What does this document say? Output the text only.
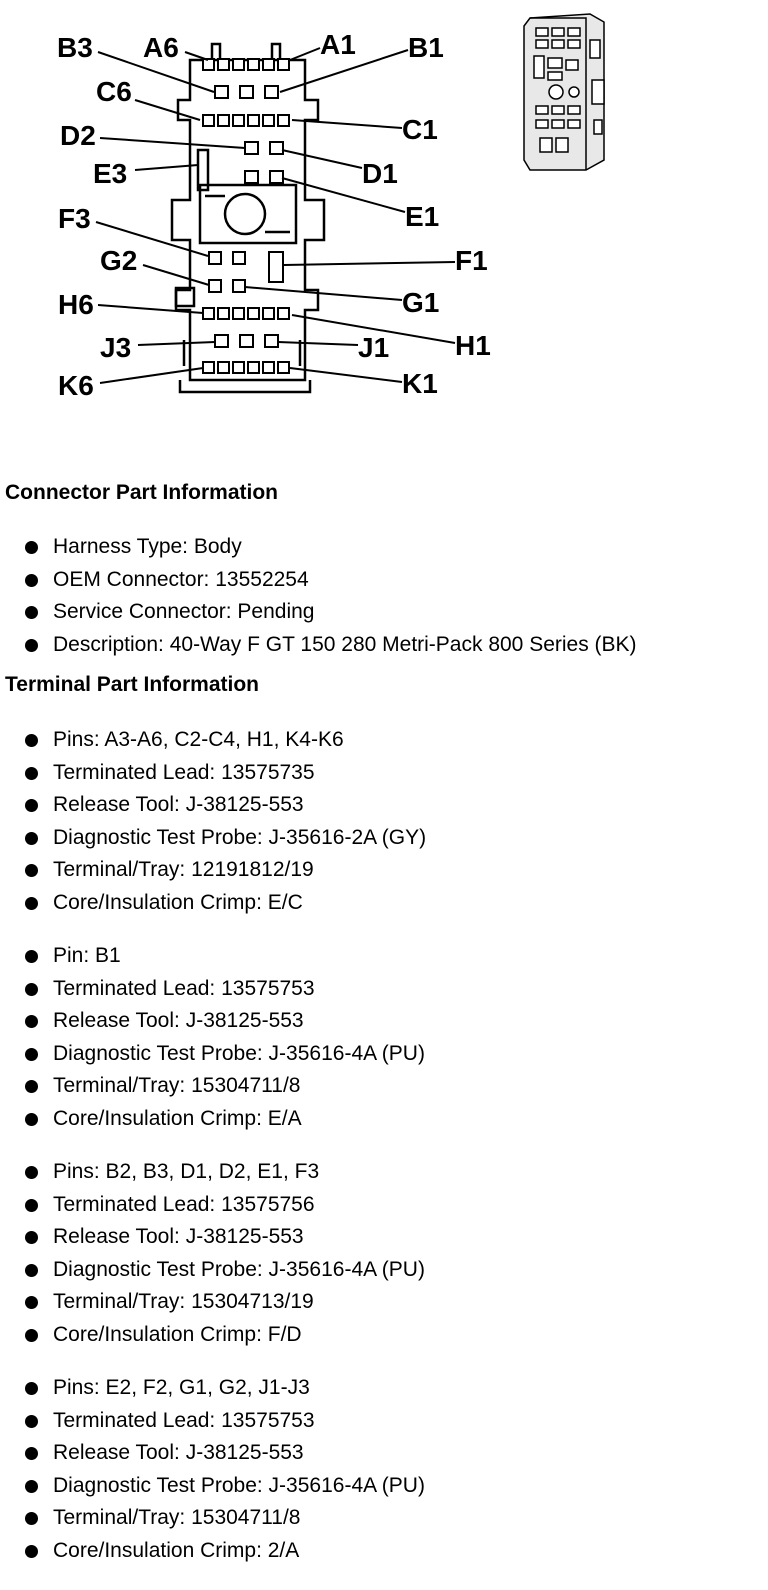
B3 A6	A1 B1
C6
C1
D2
E3	D1
E1
F3
F1
G2
G1
H6
H1
J3	J1
K6	K1
Connector Part Information
Harness Type: Body
OEM Connector: 13552254
Service Connector: Pending
Description: 40-Way F GT 150 280 Metri-Pack 800 Series (BK)
Terminal Part Information
Pins: A3-A6, C2-C4, H1, K4-K6
Terminated Lead: 13575735
Release Tool: J-38125-553
Diagnostic Test Probe: J-35616-2A (GY)
Terminal/Tray: 12191812/19
Core/Insulation Crimp: E/C
Pin: B1
Terminated Lead: 13575753
Release Tool: J-38125-553
Diagnostic Test Probe: J-35616-4A (PU)
Terminal/Tray: 15304711/8
Core/Insulation Crimp: E/A
Pins: B2, B3, D1, D2, E1, F3
Terminated Lead: 13575756
Release Tool: J-38125-553
Diagnostic Test Probe: J-35616-4A (PU)
Terminal/Tray: 15304713/19
Core/Insulation Crimp: F/D
Pins: E2, F2, G1, G2, J1-J3
Terminated Lead: 13575753
Release Tool: J-38125-553
Diagnostic Test Probe: J-35616-4A (PU)
Terminal/Tray: 15304711/8
Core/Insulation Crimp: 2/A
